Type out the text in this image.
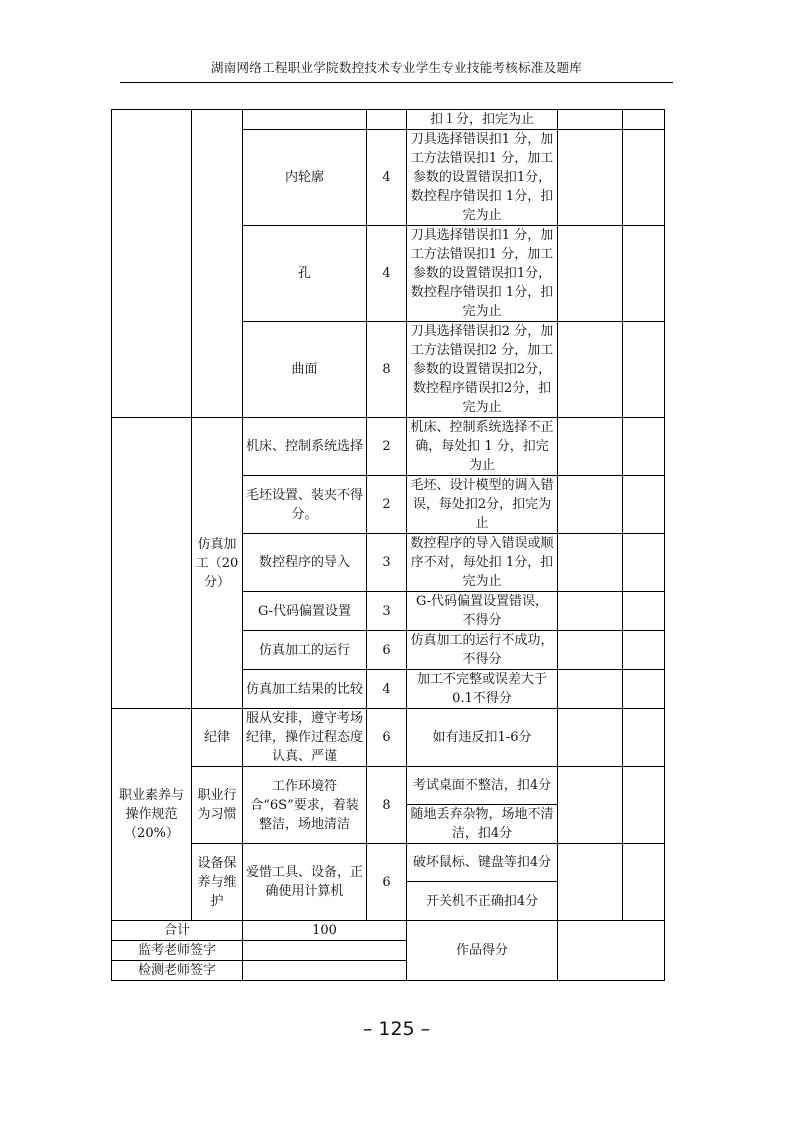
湖南网络工程职业学院数控技术专业学生专业技能考核标准及题库
				扣１分，扣完为止		
		内轮廓	4	刀具选择错误扣1 分，加工方法错误扣1 分，加工参数的设置错误扣1分，数控程序错误扣 1分，扣完为止		
		孔	4	刀具选择错误扣1 分，加工方法错误扣1 分，加工参数的设置错误扣1分，数控程序错误扣 1分，扣完为止		
		曲面	8	刀具选择错误扣2 分，加工方法错误扣2 分，加工参数的设置错误扣2分，数控程序错误扣2分，扣完为止		
	仿真加工（20分）	机床、控制系统选择	2	机床、控制系统选择不正确，每处扣 1 分，扣完为止		
		毛坯设置、装夹不得分。	2	毛坯、设计模型的调入错误，每处扣2分，扣完为止		
		数控程序的导入	3	数控程序的导入错误或顺序不对，每处扣 1分，扣完为止		
		G-代码偏置设置	3	G-代码偏置设置错误，不得分		
		仿真加工的运行	6	仿真加工的运行不成功，不得分		
		仿真加工结果的比较	4	加工不完整或误差大于 0.1不得分		
职业素养与操作规范（20%）	纪律	服从安排，遵守考场纪律，操作过程态度认真、严谨	6	如有违反扣1-6分		
	职业行为习惯	工作环境符合“6S”要求，着装整洁，场地清洁	8	考试桌面不整洁，扣4分		
				随地丢弃杂物，场地不清洁，扣4分		
	设备保养与维护	爱惜工具、设备，正确使用计算机	6	破坏鼠标、键盘等扣4分		
				开关机不正确扣4分		
合计		100		作品得分		
监考老师签字						
检测老师签字						
– 125 –
